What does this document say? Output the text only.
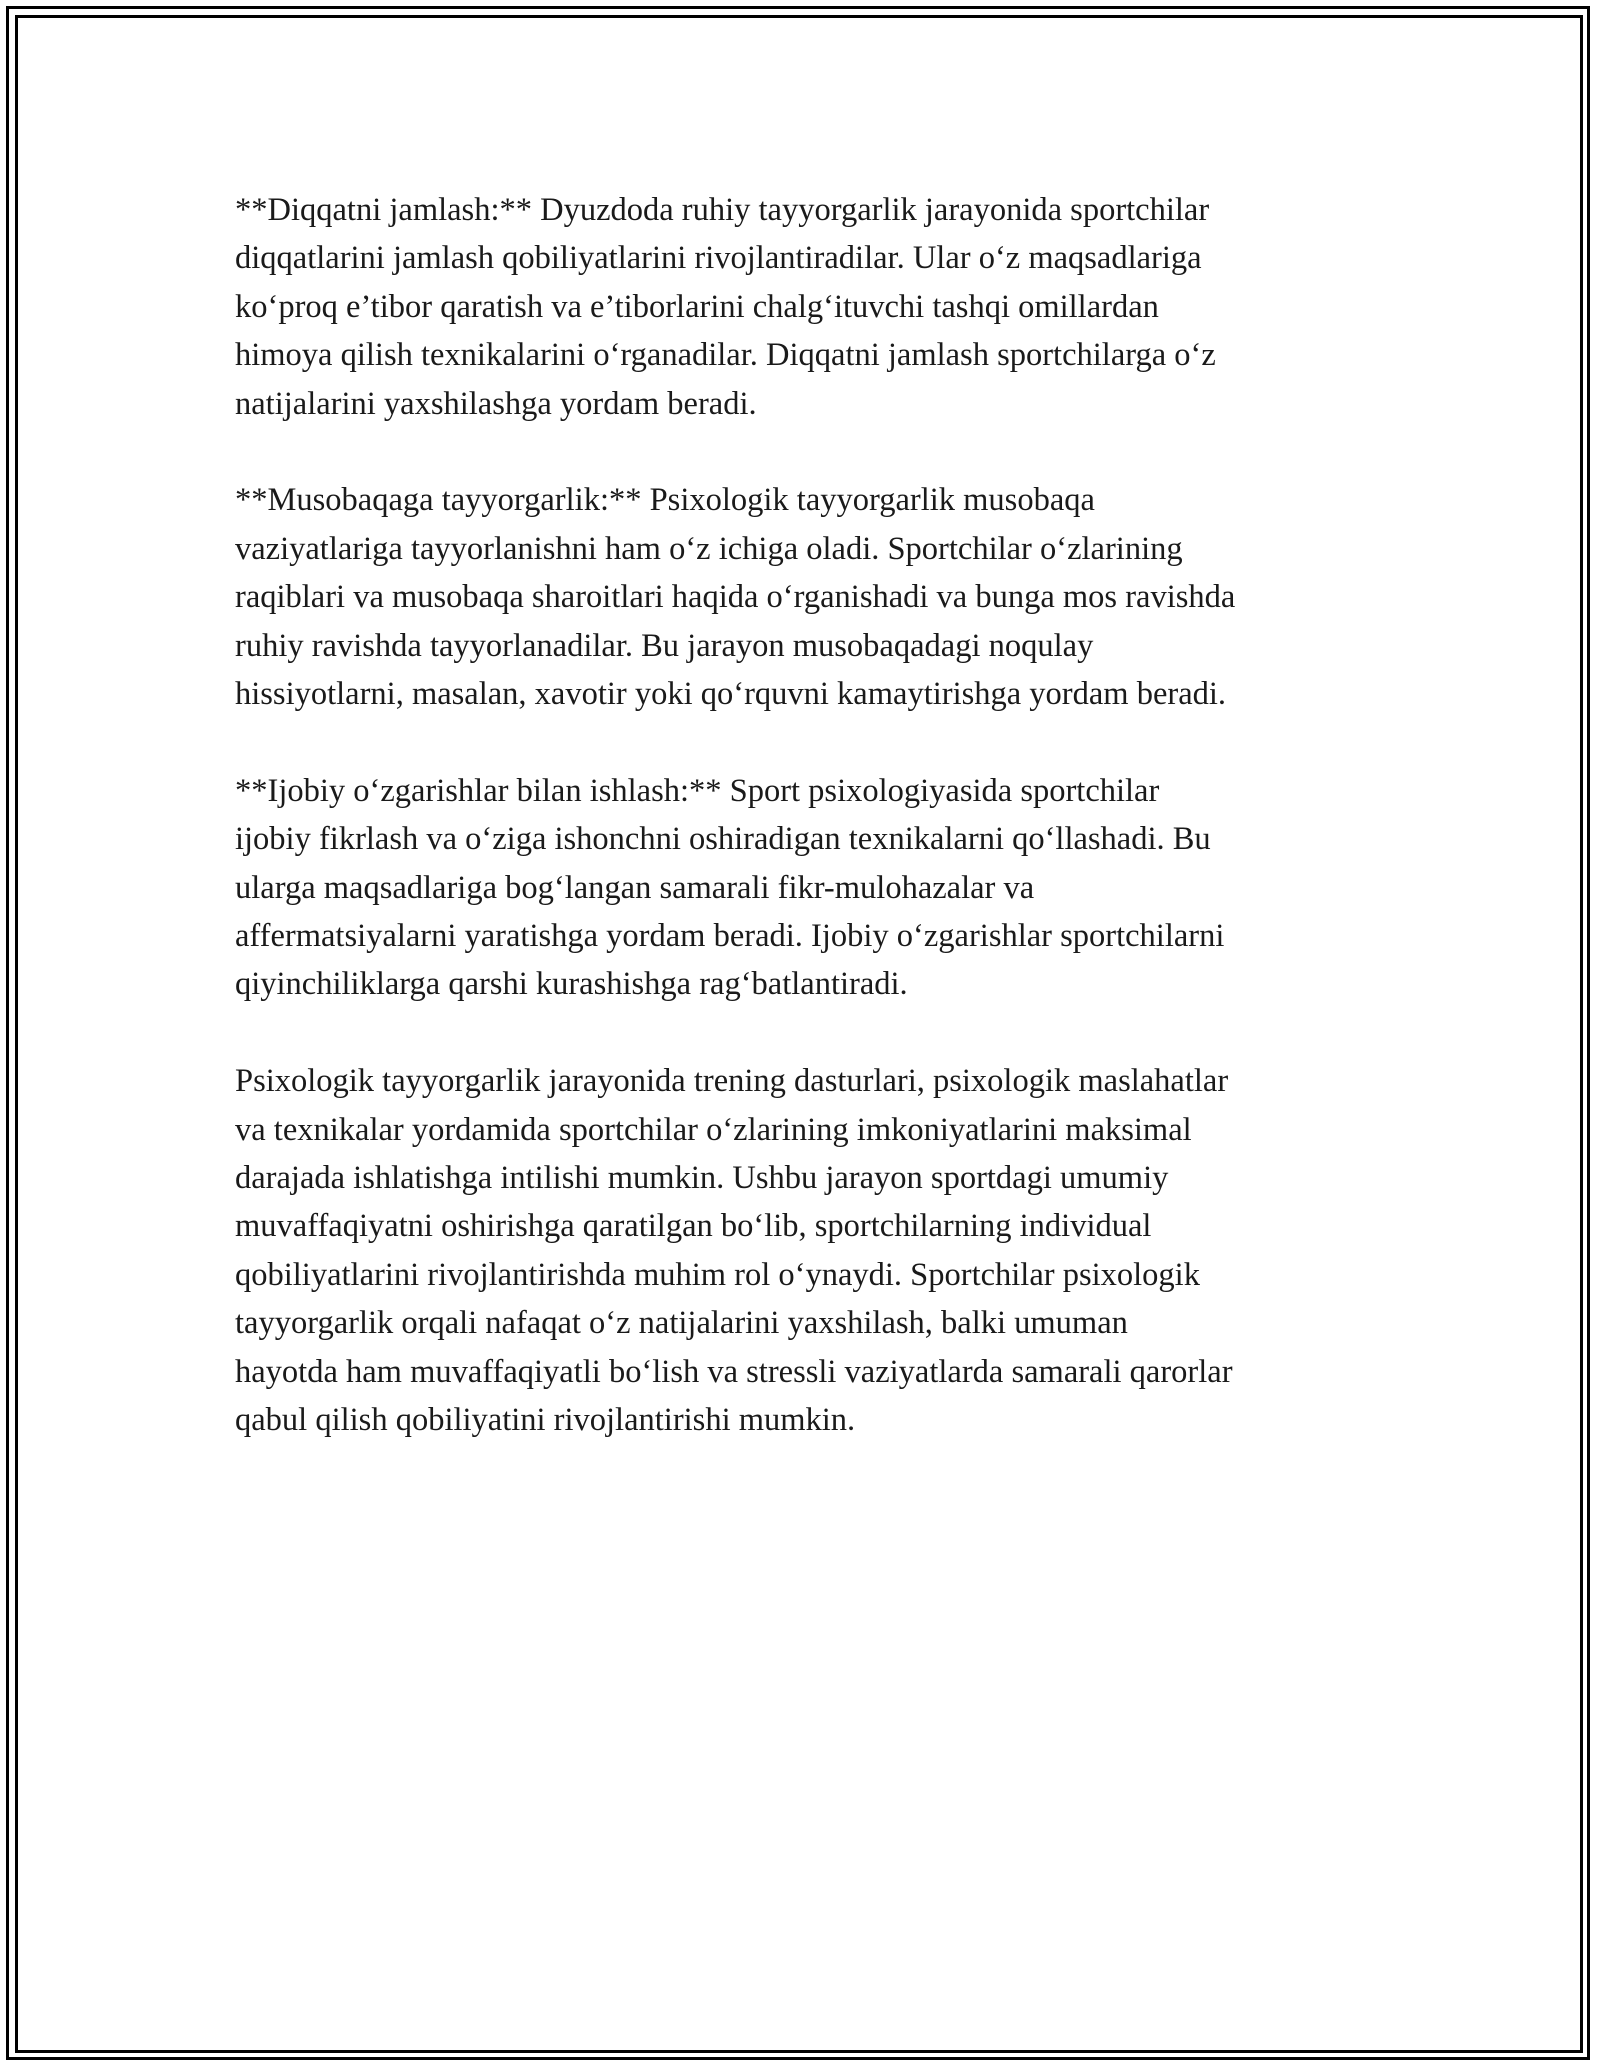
**Diqqatni jamlash:** Dyuzdoda ruhiy tayyorgarlik jarayonida sportchilar
diqqatlarini jamlash qobiliyatlarini rivojlantiradilar. Ular o‘z maqsadlariga
ko‘proq e’tibor qaratish va e’tiborlarini chalg‘ituvchi tashqi omillardan
himoya qilish texnikalarini o‘rganadilar. Diqqatni jamlash sportchilarga o‘z
natijalarini yaxshilashga yordam beradi.

**Musobaqaga tayyorgarlik:** Psixologik tayyorgarlik musobaqa
vaziyatlariga tayyorlanishni ham o‘z ichiga oladi. Sportchilar o‘zlarining
raqiblari va musobaqa sharoitlari haqida o‘rganishadi va bunga mos ravishda
ruhiy ravishda tayyorlanadilar. Bu jarayon musobaqadagi noqulay
hissiyotlarni, masalan, xavotir yoki qo‘rquvni kamaytirishga yordam beradi.

**Ijobiy o‘zgarishlar bilan ishlash:** Sport psixologiyasida sportchilar
ijobiy fikrlash va o‘ziga ishonchni oshiradigan texnikalarni qo‘llashadi. Bu
ularga maqsadlariga bog‘langan samarali fikr-mulohazalar va
affermatsiyalarni yaratishga yordam beradi. Ijobiy o‘zgarishlar sportchilarni
qiyinchiliklarga qarshi kurashishga rag‘batlantiradi.

Psixologik tayyorgarlik jarayonida trening dasturlari, psixologik maslahatlar
va texnikalar yordamida sportchilar o‘zlarining imkoniyatlarini maksimal
darajada ishlatishga intilishi mumkin. Ushbu jarayon sportdagi umumiy
muvaffaqiyatni oshirishga qaratilgan bo‘lib, sportchilarning individual
qobiliyatlarini rivojlantirishda muhim rol o‘ynaydi. Sportchilar psixologik
tayyorgarlik orqali nafaqat o‘z natijalarini yaxshilash, balki umuman
hayotda ham muvaffaqiyatli bo‘lish va stressli vaziyatlarda samarali qarorlar
qabul qilish qobiliyatini rivojlantirishi mumkin.
